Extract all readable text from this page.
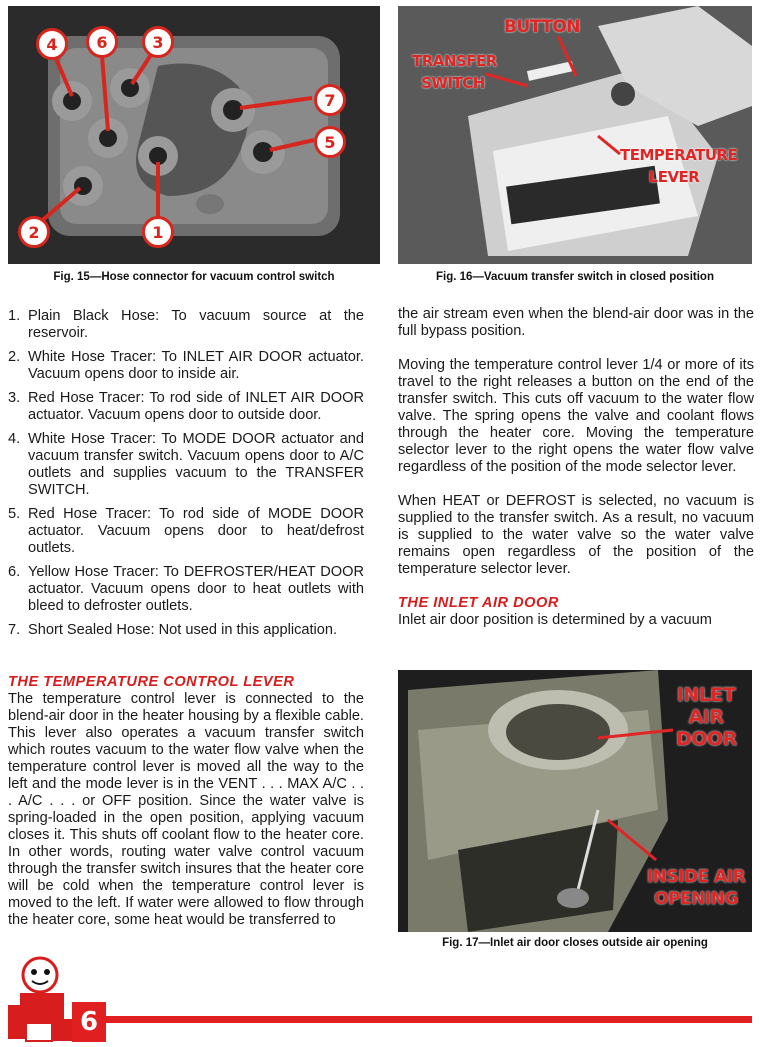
4	6	3
7
5
2	1
Fig. 15—Hose connector for vacuum control switch
BUTTON
TRANSFER SWITCH
TEMPERATURE LEVER
Fig. 16—Vacuum transfer switch in closed position
1. Plain Black Hose: To vacuum source at the reservoir.
2. White Hose Tracer: To INLET AIR DOOR actuator. Vacuum opens door to inside air.
3. Red Hose Tracer: To rod side of INLET AIR DOOR actuator. Vacuum opens door to outside door.
4. White Hose Tracer: To MODE DOOR actuator and vacuum transfer switch. Vacuum opens door to A/C outlets and supplies vacuum to the TRANSFER SWITCH.
5. Red Hose Tracer: To rod side of MODE DOOR actuator. Vacuum opens door to heat/defrost outlets.
6. Yellow Hose Tracer: To DEFROSTER/HEAT DOOR actuator. Vacuum opens door to heat outlets with bleed to defroster outlets.
7. Short Sealed Hose: Not used in this application.
THE TEMPERATURE CONTROL LEVER

The temperature control lever is connected to the blend-air door in the heater housing by a flexible cable. This lever also operates a vacuum transfer switch which routes vacuum to the water flow valve when the temperature control lever is moved all the way to the left and the mode lever is in the VENT . . . MAX A/C . . . A/C . . . or OFF position. Since the water valve is spring-loaded in the open position, applying vacuum closes it. This shuts off coolant flow to the heater core. In other words, routing water valve control vacuum through the transfer switch insures that the heater core will be cold when the temperature control lever is moved to the left. If water were allowed to flow through the heater core, some heat would be transferred to

the air stream even when the blend-air door was in the full bypass position.

Moving the temperature control lever 1/4 or more of its travel to the right releases a button on the end of the transfer switch. This cuts off vacuum to the water flow valve. The spring opens the valve and coolant flows through the heater core. Moving the temperature selector lever to the right opens the water flow valve regardless of the position of the mode selector lever.

When HEAT or DEFROST is selected, no vacuum is supplied to the transfer switch. As a result, no vacuum is supplied to the water valve so the water valve remains open regardless of the position of the temperature selector lever.

THE INLET AIR DOOR

Inlet air door position is determined by a vacuum

INLET AIR DOOR
INSIDE AIR OPENING
Fig. 17—Inlet air door closes outside air opening
6
